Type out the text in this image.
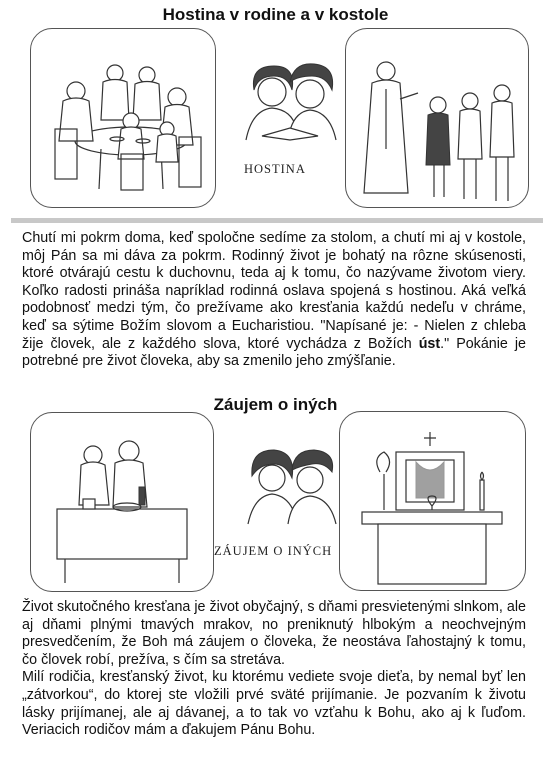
Hostina v rodine a v kostole
HOSTINA

Chutí mi pokrm doma, keď spoločne sedíme za stolom, a chutí mi aj v kostole, môj Pán sa mi dáva za pokrm. Rodinný život je bohatý na rôzne skúsenosti, ktoré otvárajú cestu k duchovnu, teda aj k tomu, čo nazývame životom viery. Koľko radosti prináša napríklad rodinná oslava spojená s hostinou. Aká veľká podobnosť medzi tým, čo prežívame ako kresťania každú nedeľu v chráme, keď sa sýtime Božím slovom a Eucharistiou. "Napísané je: - Nielen z chleba žije človek, ale z každého slova, ktoré vychádza z Božích úst." Pokánie je potrebné pre život človeka, aby sa zmenilo jeho zmýšľanie.

Záujem o iných
ZÁUJEM O INÝCH

Život skutočného kresťana je život obyčajný, s dňami presvietenými slnkom, ale aj dňami plnými tmavých mrakov, no preniknutý hlbokým a neochvejným presvedčením, že Boh má záujem o človeka, že neostáva ľahostajný k tomu, čo človek robí, prežíva, s čím sa stretáva.

Milí rodičia, kresťanský život, ku ktorému vediete svoje dieťa, by nemal byť len „zátvorkou“, do ktorej ste vložili prvé sväté prijímanie. Je pozvaním k životu lásky prijímanej, ale aj dávanej, a to tak vo vzťahu k Bohu, ako aj k ľuďom. Veriacich rodičov mám a ďakujem Pánu Bohu.
